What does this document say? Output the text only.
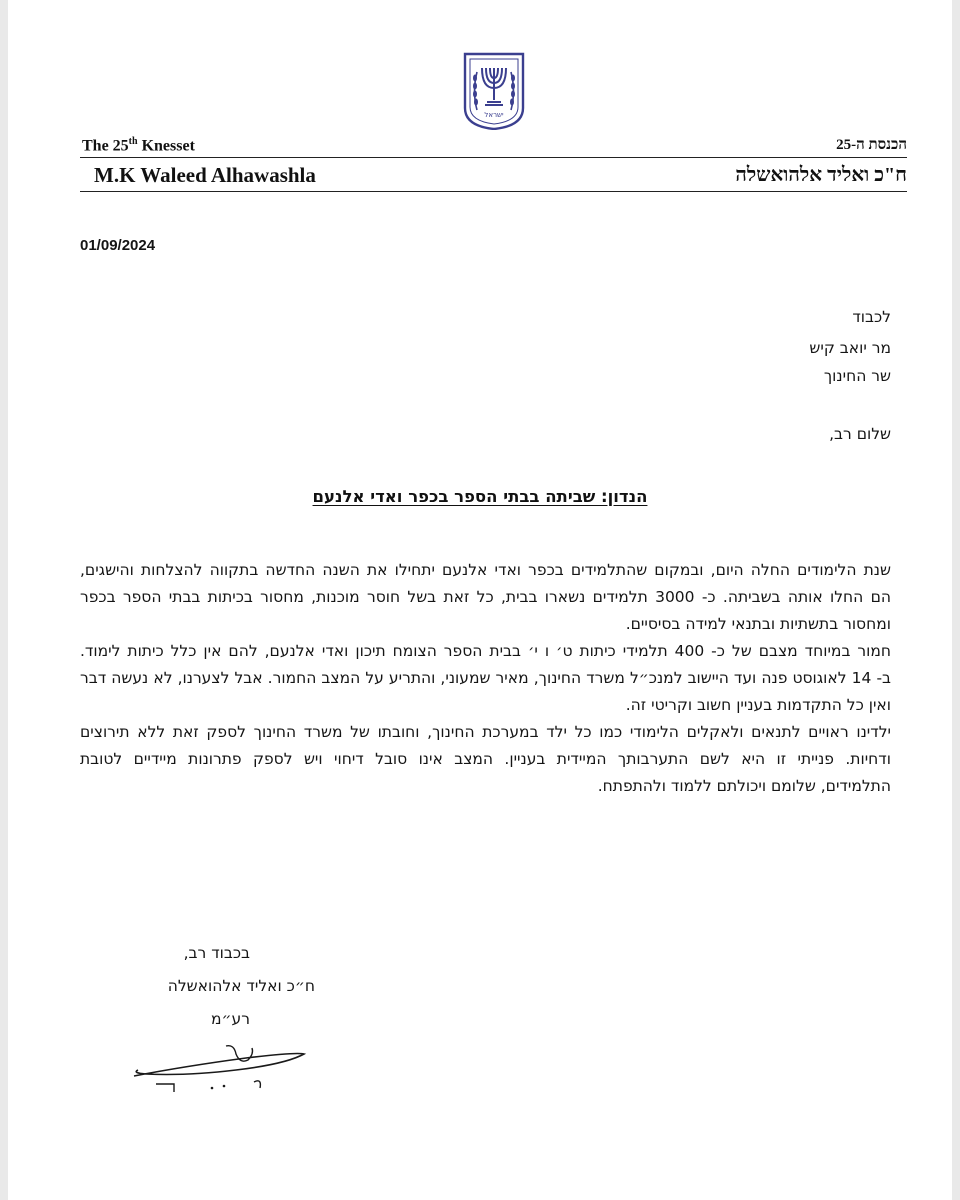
ישראל
The 25th Knesset	הכנסת ה-25
M.K Waleed Alhawashla	ח"כ ואליד אלהואשלה
01/09/2024
לכבוד
מר יואב קיש
שר החינוך
שלום רב,
הנדון: שביתה בבתי הספר בכפר ואדי אלנעם
שנת הלימודים החלה היום, ובמקום שהתלמידים בכפר ואדי אלנעם יתחילו את השנה החדשה בתקווה להצלחות והישגים,
הם החלו אותה בשביתה. כ- 3000 תלמידים נשארו בבית, כל זאת בשל חוסר מוכנות, מחסור בכיתות בבתי הספר בכפר
ומחסור בתשתיות ובתנאי למידה בסיסיים.
חמור במיוחד מצבם של כ- 400 תלמידי כיתות ט׳ ו י׳ בבית הספר הצומח תיכון ואדי אלנעם, להם אין כלל כיתות לימוד.
ב- 14 לאוגוסט פנה ועד היישוב למנכ״ל משרד החינוך, מאיר שמעוני, והתריע על המצב החמור. אבל לצערנו, לא נעשה דבר
ואין כל התקדמות בעניין חשוב וקריטי זה.
ילדינו ראויים לתנאים ולאקלים הלימודי כמו כל ילד במערכת החינוך, וחובתו של משרד החינוך לספק זאת ללא תירוצים
ודחיות. פנייתי זו היא לשם התערבותך המיידית בעניין. המצב אינו סובל דיחוי ויש לספק פתרונות מיידיים לטובת
התלמידים, שלומם ויכולתם ללמוד ולהתפתח.
בכבוד רב,
ח״כ ואליד אלהואשלה
רע״מ
